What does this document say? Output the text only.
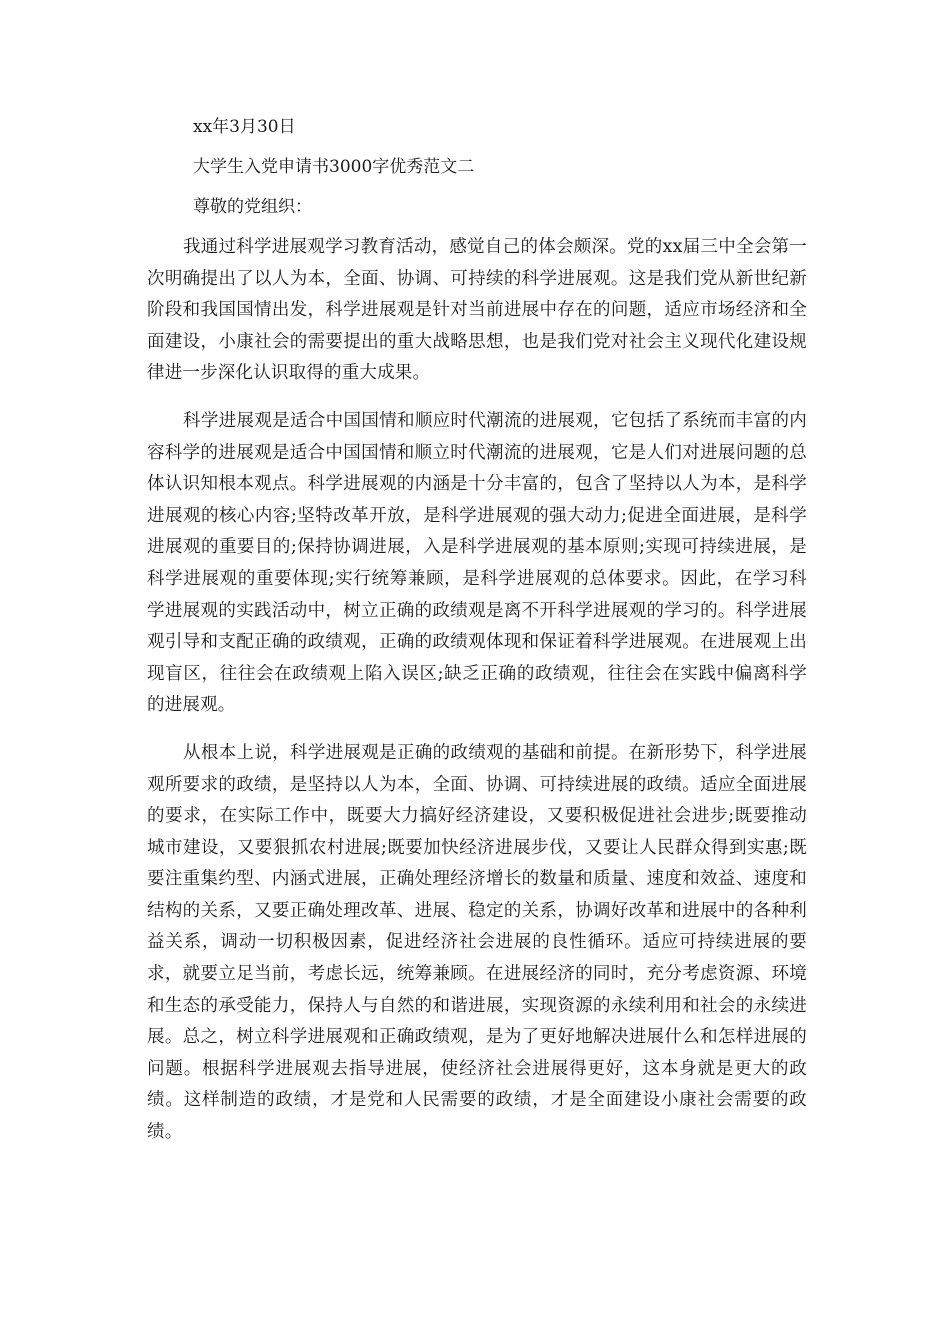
xx年3月30日

大学生入党申请书3000字优秀范文二

尊敬的党组织：

我通过科学进展观学习教育活动，感觉自己的体会颇深。党的xx届三中全会第一次明确提出了以人为本，全面、协调、可持续的科学进展观。这是我们党从新世纪新阶段和我国国情出发，科学进展观是针对当前进展中存在的问题，适应市场经济和全面建设，小康社会的需要提出的重大战略思想，也是我们党对社会主义现代化建设规律进一步深化认识取得的重大成果。

科学进展观是适合中国国情和顺应时代潮流的进展观，它包括了系统而丰富的内容科学的进展观是适合中国国情和顺立时代潮流的进展观，它是人们对进展问题的总体认识知根本观点。科学进展观的内涵是十分丰富的，包含了坚持以人为本，是科学进展观的核心内容;坚特改革开放，是科学进展观的强大动力;促进全面进展，是科学进展观的重要目的;保持协调进展，入是科学进展观的基本原则;实现可持续进展，是科学进展观的重要体现;实行统筹兼顾，是科学进展观的总体要求。因此，在学习科学进展观的实践活动中，树立正确的政绩观是离不开科学进展观的学习的。科学进展观引导和支配正确的政绩观，正确的政绩观体现和保证着科学进展观。在进展观上出现盲区，往往会在政绩观上陷入误区;缺乏正确的政绩观，往往会在实践中偏离科学的进展观。

从根本上说，科学进展观是正确的政绩观的基础和前提。在新形势下，科学进展观所要求的政绩，是坚持以人为本，全面、协调、可持续进展的政绩。适应全面进展的要求，在实际工作中，既要大力搞好经济建设，又要积极促进社会进步;既要推动城市建设，又要狠抓农村进展;既要加快经济进展步伐，又要让人民群众得到实惠;既要注重集约型、内涵式进展，正确处理经济增长的数量和质量、速度和效益、速度和结构的关系，又要正确处理改革、进展、稳定的关系，协调好改革和进展中的各种利益关系，调动一切积极因素，促进经济社会进展的良性循环。适应可持续进展的要求，就要立足当前，考虑长远，统筹兼顾。在进展经济的同时，充分考虑资源、环境和生态的承受能力，保持人与自然的和谐进展，实现资源的永续利用和社会的永续进展。总之，树立科学进展观和正确政绩观，是为了更好地解决进展什么和怎样进展的问题。根据科学进展观去指导进展，使经济社会进展得更好，这本身就是更大的政绩。这样制造的政绩，才是党和人民需要的政绩，才是全面建设小康社会需要的政绩。
